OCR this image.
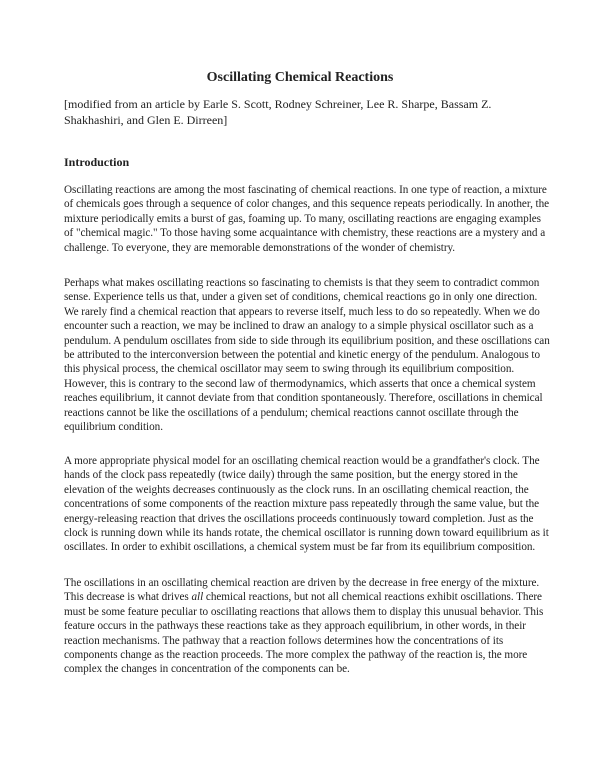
Oscillating Chemical Reactions

[modified from an article by Earle S. Scott, Rodney Schreiner, Lee R. Sharpe, Bassam Z. Shakhashiri, and Glen E. Dirreen]

Introduction

Oscillating reactions are among the most fascinating of chemical reactions. In one type of reaction, a mixture of chemicals goes through a sequence of color changes, and this sequence repeats periodically. In another, the mixture periodically emits a burst of gas, foaming up. To many, oscillating reactions are engaging examples of "chemical magic." To those having some acquaintance with chemistry, these reactions are a mystery and a challenge. To everyone, they are memorable demonstrations of the wonder of chemistry.

Perhaps what makes oscillating reactions so fascinating to chemists is that they seem to contradict common sense. Experience tells us that, under a given set of conditions, chemical reactions go in only one direction. We rarely find a chemical reaction that appears to reverse itself, much less to do so repeatedly. When we do encounter such a reaction, we may be inclined to draw an analogy to a simple physical oscillator such as a pendulum. A pendulum oscillates from side to side through its equilibrium position, and these oscillations can be attributed to the interconversion between the potential and kinetic energy of the pendulum. Analogous to this physical process, the chemical oscillator may seem to swing through its equilibrium composition. However, this is contrary to the second law of thermodynamics, which asserts that once a chemical system reaches equilibrium, it cannot deviate from that condition spontaneously. Therefore, oscillations in chemical reactions cannot be like the oscillations of a pendulum; chemical reactions cannot oscillate through the equilibrium condition.

A more appropriate physical model for an oscillating chemical reaction would be a grandfather's clock. The hands of the clock pass repeatedly (twice daily) through the same position, but the energy stored in the elevation of the weights decreases continuously as the clock runs. In an oscillating chemical reaction, the concentrations of some components of the reaction mixture pass repeatedly through the same value, but the energy-releasing reaction that drives the oscillations proceeds continuously toward completion. Just as the clock is running down while its hands rotate, the chemical oscillator is running down toward equilibrium as it oscillates. In order to exhibit oscillations, a chemical system must be far from its equilibrium composition.

The oscillations in an oscillating chemical reaction are driven by the decrease in free energy of the mixture. This decrease is what drives all chemical reactions, but not all chemical reactions exhibit oscillations. There must be some feature peculiar to oscillating reactions that allows them to display this unusual behavior. This feature occurs in the pathways these reactions take as they approach equilibrium, in other words, in their reaction mechanisms. The pathway that a reaction follows determines how the concentrations of its components change as the reaction proceeds. The more complex the pathway of the reaction is, the more complex the changes in concentration of the components can be.
